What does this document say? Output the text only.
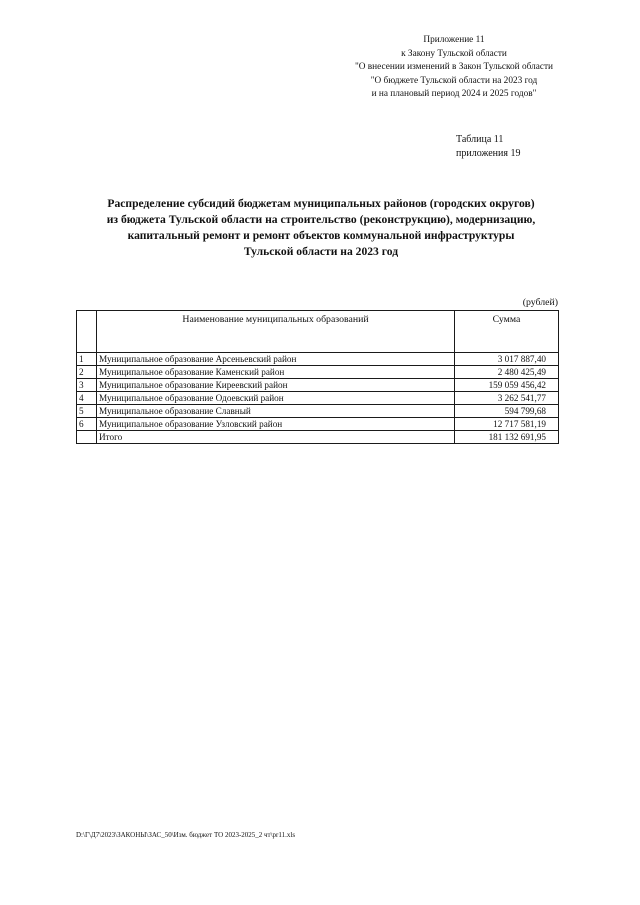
Приложение 11
к Закону Тульской области
"О внесении изменений в Закон Тульской области
"О бюджете Тульской области на 2023 год
и на плановый период 2024 и 2025 годов"
Таблица 11
приложения 19
Распределение субсидий бюджетам муниципальных районов (городских округов)
из бюджета Тульской области на строительство (реконструкцию), модернизацию,
капитальный ремонт и ремонт объектов коммунальной инфраструктуры
Тульской области на 2023 год
(рублей)
	Наименование муниципальных образований	Сумма
1	Муниципальное образование Арсеньевский район	3 017 887,40
2	Муниципальное образование Каменский район	2 480 425,49
3	Муниципальное образование Киреевский район	159 059 456,42
4	Муниципальное образование Одоевский район	3 262 541,77
5	Муниципальное образование Славный	594 799,68
6	Муниципальное образование Узловский район	12 717 581,19
	Итого	181 132 691,95
D:\Г\Д7\2023\ЗАКОНЫ\ЗАС_50\Изм. бюджет ТО 2023-2025_2 чт\pr11.xls
